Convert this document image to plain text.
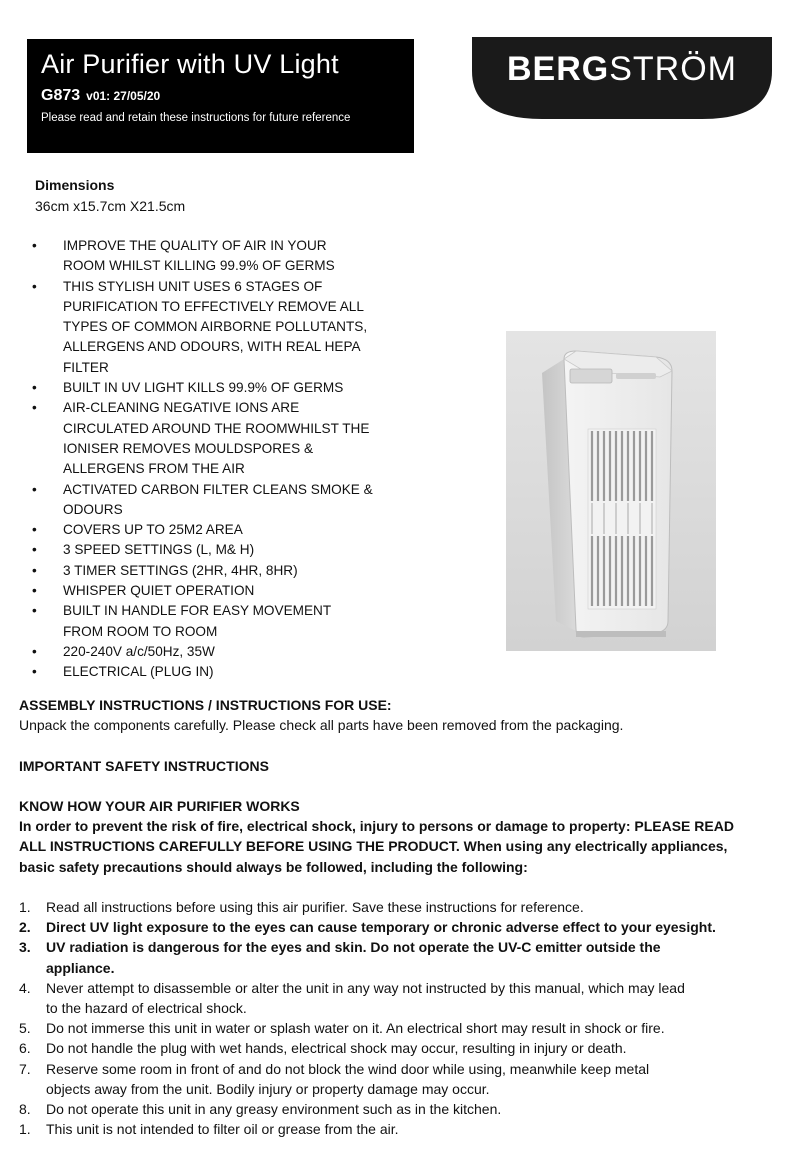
Air Purifier with UV Light
G873 v01: 27/05/20
Please read and retain these instructions for future reference
BERGSTRÖM
Dimensions
36cm x15.7cm X21.5cm
• IMPROVE THE QUALITY OF AIR IN YOUR
ROOM WHILST KILLING 99.9% OF GERMS
• THIS STYLISH UNIT USES 6 STAGES OF
PURIFICATION TO EFFECTIVELY REMOVE ALL
TYPES OF COMMON AIRBORNE POLLUTANTS,
ALLERGENS AND ODOURS, WITH REAL HEPA
FILTER
• BUILT IN UV LIGHT KILLS 99.9% OF GERMS
• AIR-CLEANING NEGATIVE IONS ARE
CIRCULATED AROUND THE ROOMWHILST THE
IONISER REMOVES MOULDSPORES &
ALLERGENS FROM THE AIR
• ACTIVATED CARBON FILTER CLEANS SMOKE &
ODOURS
• COVERS UP TO 25M2 AREA
• 3 SPEED SETTINGS (L, M& H)
• 3 TIMER SETTINGS (2HR, 4HR, 8HR)
• WHISPER QUIET OPERATION
• BUILT IN HANDLE FOR EASY MOVEMENT
FROM ROOM TO ROOM
• 220-240V a/c/50Hz, 35W
• ELECTRICAL (PLUG IN)

ASSEMBLY INSTRUCTIONS / INSTRUCTIONS FOR USE:

Unpack the components carefully. Please check all parts have been removed from the packaging.

IMPORTANT SAFETY INSTRUCTIONS

KNOW HOW YOUR AIR PURIFIER WORKS

In order to prevent the risk of fire, electrical shock, injury to persons or damage to property: PLEASE READ
ALL INSTRUCTIONS CAREFULLY BEFORE USING THE PRODUCT. When using any electrically appliances,
basic safety precautions should always be followed, including the following:
1. Read all instructions before using this air purifier. Save these instructions for reference.
2. Direct UV light exposure to the eyes can cause temporary or chronic adverse effect to your eyesight.
3. UV radiation is dangerous for the eyes and skin. Do not operate the UV-C emitter outside the
appliance.
4. Never attempt to disassemble or alter the unit in any way not instructed by this manual, which may lead
to the hazard of electrical shock.
5. Do not immerse this unit in water or splash water on it. An electrical short may result in shock or fire.
6. Do not handle the plug with wet hands, electrical shock may occur, resulting in injury or death.
7. Reserve some room in front of and do not block the wind door while using, meanwhile keep metal
objects away from the unit. Bodily injury or property damage may occur.
8. Do not operate this unit in any greasy environment such as in the kitchen.
1. This unit is not intended to filter oil or grease from the air.
